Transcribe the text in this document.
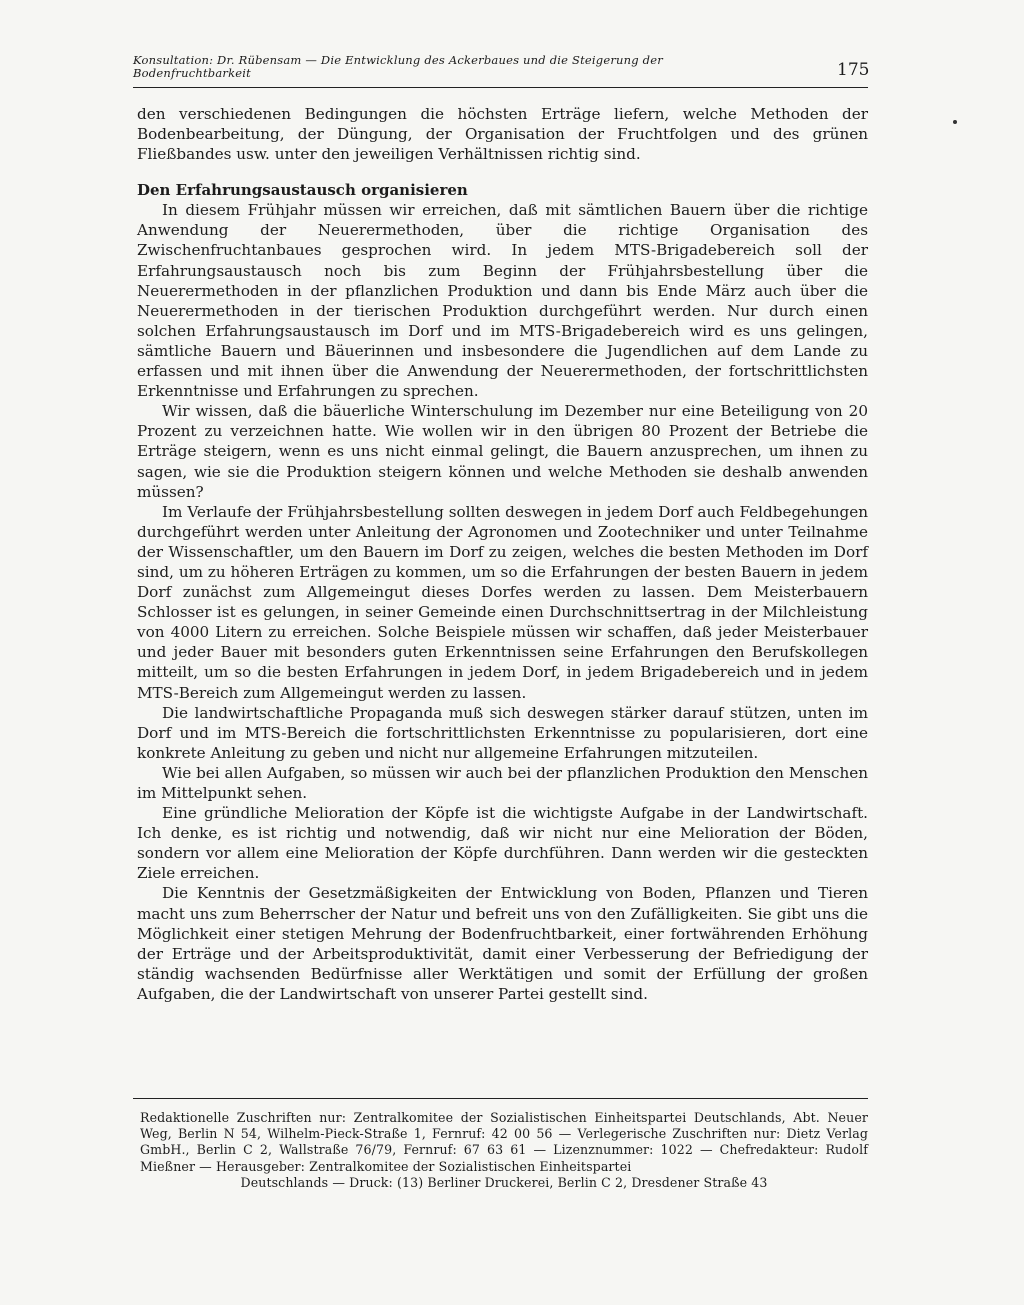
Konsultation: Dr. Rübensam — Die Entwicklung des Ackerbaues und die Steigerung der Bodenfruchtbarkeit	175

den verschiedenen Bedingungen die höchsten Erträge liefern, welche Methoden der Bodenbearbeitung, der Düngung, der Organisation der Fruchtfolgen und des grünen Fließbandes usw. unter den jeweiligen Verhältnissen richtig sind.

Den Erfahrungsaustausch organisieren

In diesem Frühjahr müssen wir erreichen, daß mit sämtlichen Bauern über die richtige Anwendung der Neuerermethoden, über die richtige Organisation des Zwischenfruchtanbaues gesprochen wird. In jedem MTS-Brigadebereich soll der Erfahrungsaustausch noch bis zum Beginn der Frühjahrsbestellung über die Neuerermethoden in der pflanzlichen Produktion und dann bis Ende März auch über die Neuerermethoden in der tierischen Produktion durchgeführt werden. Nur durch einen solchen Erfahrungsaustausch im Dorf und im MTS-Brigadebereich wird es uns gelingen, sämtliche Bauern und Bäuerinnen und insbesondere die Jugendlichen auf dem Lande zu erfassen und mit ihnen über die Anwendung der Neuerermethoden, der fortschrittlichsten Erkenntnisse und Erfahrungen zu sprechen.

Wir wissen, daß die bäuerliche Winterschulung im Dezember nur eine Beteiligung von 20 Prozent zu verzeichnen hatte. Wie wollen wir in den übrigen 80 Prozent der Betriebe die Erträge steigern, wenn es uns nicht einmal gelingt, die Bauern anzusprechen, um ihnen zu sagen, wie sie die Produktion steigern können und welche Methoden sie deshalb anwenden müssen?

Im Verlaufe der Frühjahrsbestellung sollten deswegen in jedem Dorf auch Feldbegehungen durchgeführt werden unter Anleitung der Agronomen und Zootechniker und unter Teilnahme der Wissenschaftler, um den Bauern im Dorf zu zeigen, welches die besten Methoden im Dorf sind, um zu höheren Erträgen zu kommen, um so die Erfahrungen der besten Bauern in jedem Dorf zunächst zum Allgemeingut dieses Dorfes werden zu lassen. Dem Meisterbauern Schlosser ist es gelungen, in seiner Gemeinde einen Durchschnittsertrag in der Milchleistung von 4000 Litern zu erreichen. Solche Beispiele müssen wir schaffen, daß jeder Meisterbauer und jeder Bauer mit besonders guten Erkenntnissen seine Erfahrungen den Berufskollegen mitteilt, um so die besten Erfahrungen in jedem Dorf, in jedem Brigadebereich und in jedem MTS-Bereich zum Allgemeingut werden zu lassen.

Die landwirtschaftliche Propaganda muß sich deswegen stärker darauf stützen, unten im Dorf und im MTS-Bereich die fortschrittlichsten Erkenntnisse zu popularisieren, dort eine konkrete Anleitung zu geben und nicht nur allgemeine Erfahrungen mitzuteilen.

Wie bei allen Aufgaben, so müssen wir auch bei der pflanzlichen Produktion den Menschen im Mittelpunkt sehen.

Eine gründliche Melioration der Köpfe ist die wichtigste Aufgabe in der Landwirtschaft. Ich denke, es ist richtig und notwendig, daß wir nicht nur eine Melioration der Böden, sondern vor allem eine Melioration der Köpfe durchführen. Dann werden wir die gesteckten Ziele erreichen.

Die Kenntnis der Gesetzmäßigkeiten der Entwicklung von Boden, Pflanzen und Tieren macht uns zum Beherrscher der Natur und befreit uns von den Zufälligkeiten. Sie gibt uns die Möglichkeit einer stetigen Mehrung der Bodenfruchtbarkeit, einer fortwährenden Erhöhung der Erträge und der Arbeitsproduktivität, damit einer Verbesserung der Befriedigung der ständig wachsenden Bedürfnisse aller Werktätigen und somit der Erfüllung der großen Aufgaben, die der Landwirtschaft von unserer Partei gestellt sind.

Redaktionelle Zuschriften nur: Zentralkomitee der Sozialistischen Einheitspartei Deutschlands, Abt. Neuer Weg, Berlin N 54, Wilhelm-Pieck-Straße 1, Fernruf: 42 00 56 — Verlegerische Zuschriften nur: Dietz Verlag GmbH., Berlin C 2, Wallstraße 76/79, Fernruf: 67 63 61 — Lizenznummer: 1022 — Chefredakteur: Rudolf Mießner — Herausgeber: Zentralkomitee der Sozialistischen Einheitspartei
Deutschlands — Druck: (13) Berliner Druckerei, Berlin C 2, Dresdener Straße 43
